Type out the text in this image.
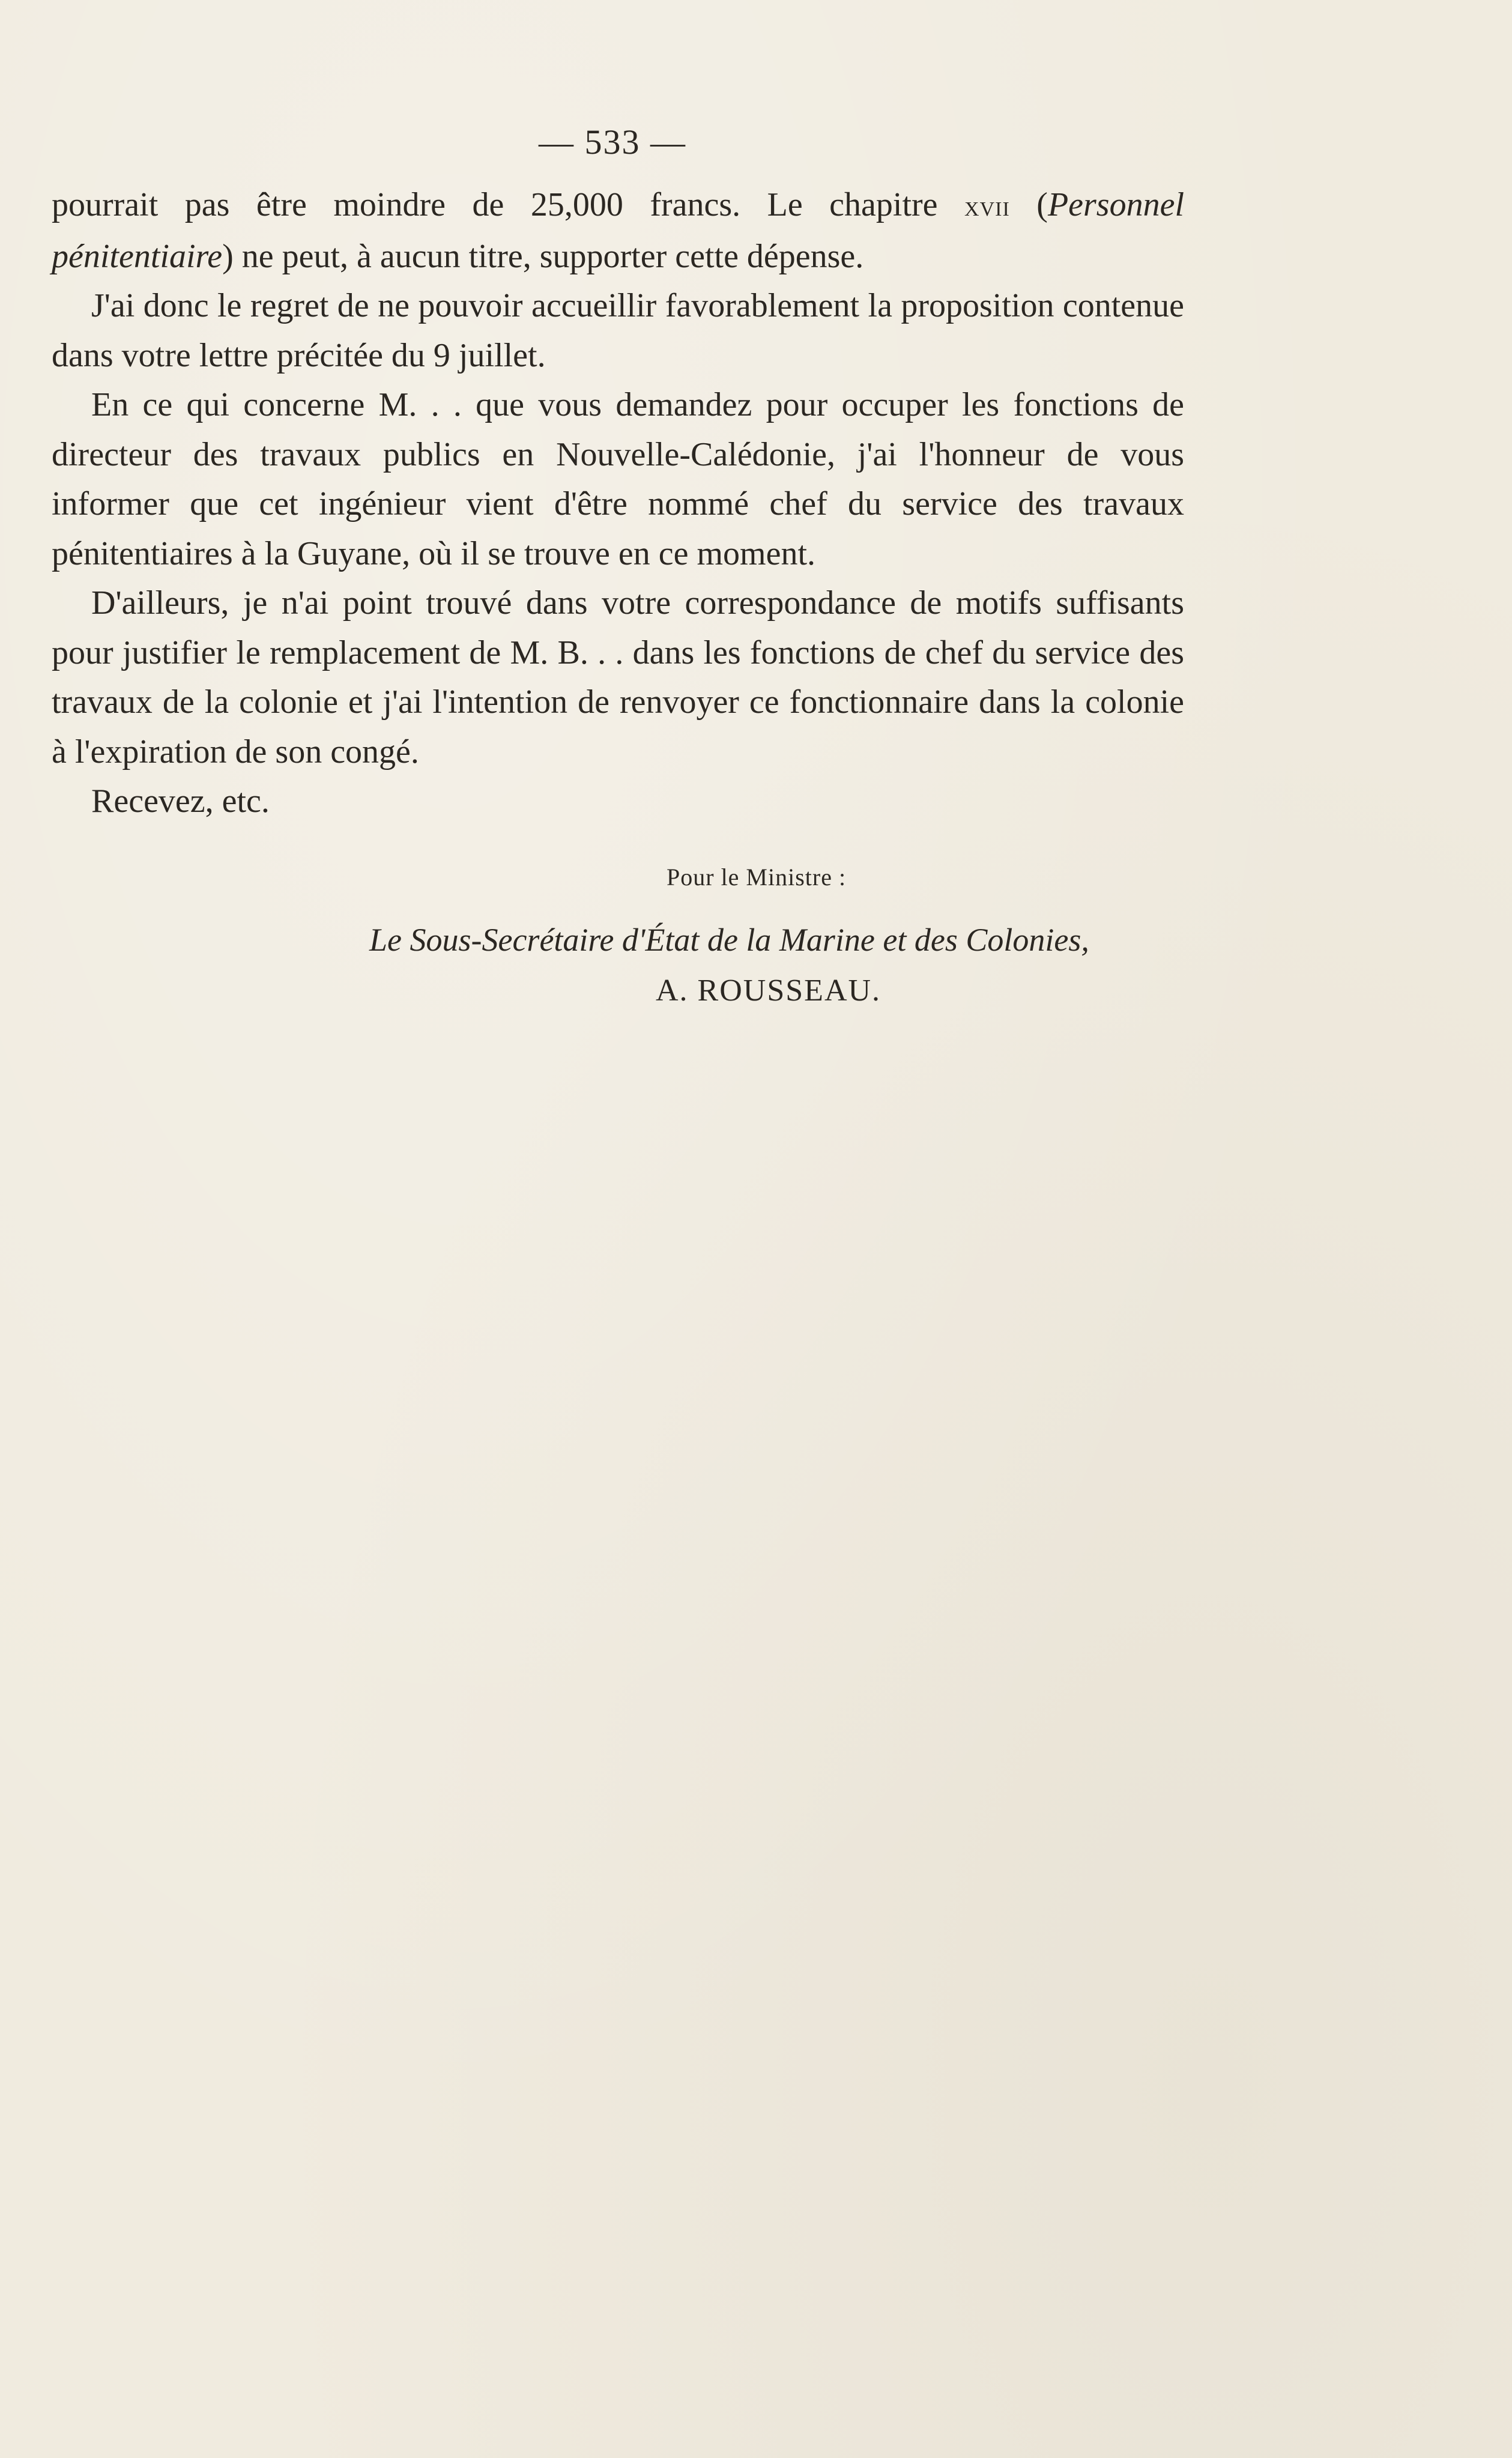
— 533 —

pourrait pas être moindre de 25,000 francs. Le chapitre xvii (Personnel pénitentiaire) ne peut, à aucun titre, supporter cette dépense.

J'ai donc le regret de ne pouvoir accueillir favorablement la proposition contenue dans votre lettre précitée du 9 juillet.

En ce qui concerne M. . . que vous demandez pour occuper les fonctions de directeur des travaux publics en Nouvelle-Calédonie, j'ai l'honneur de vous informer que cet ingénieur vient d'être nommé chef du service des travaux pénitentiaires à la Guyane, où il se trouve en ce moment.

D'ailleurs, je n'ai point trouvé dans votre correspondance de motifs suffisants pour justifier le remplacement de M. B. . . dans les fonctions de chef du service des travaux de la colonie et j'ai l'intention de renvoyer ce fonctionnaire dans la colonie à l'expiration de son congé.

Recevez, etc.

Pour le Ministre :
Le Sous-Secrétaire d'État de la Marine et des Colonies,
A. ROUSSEAU.
